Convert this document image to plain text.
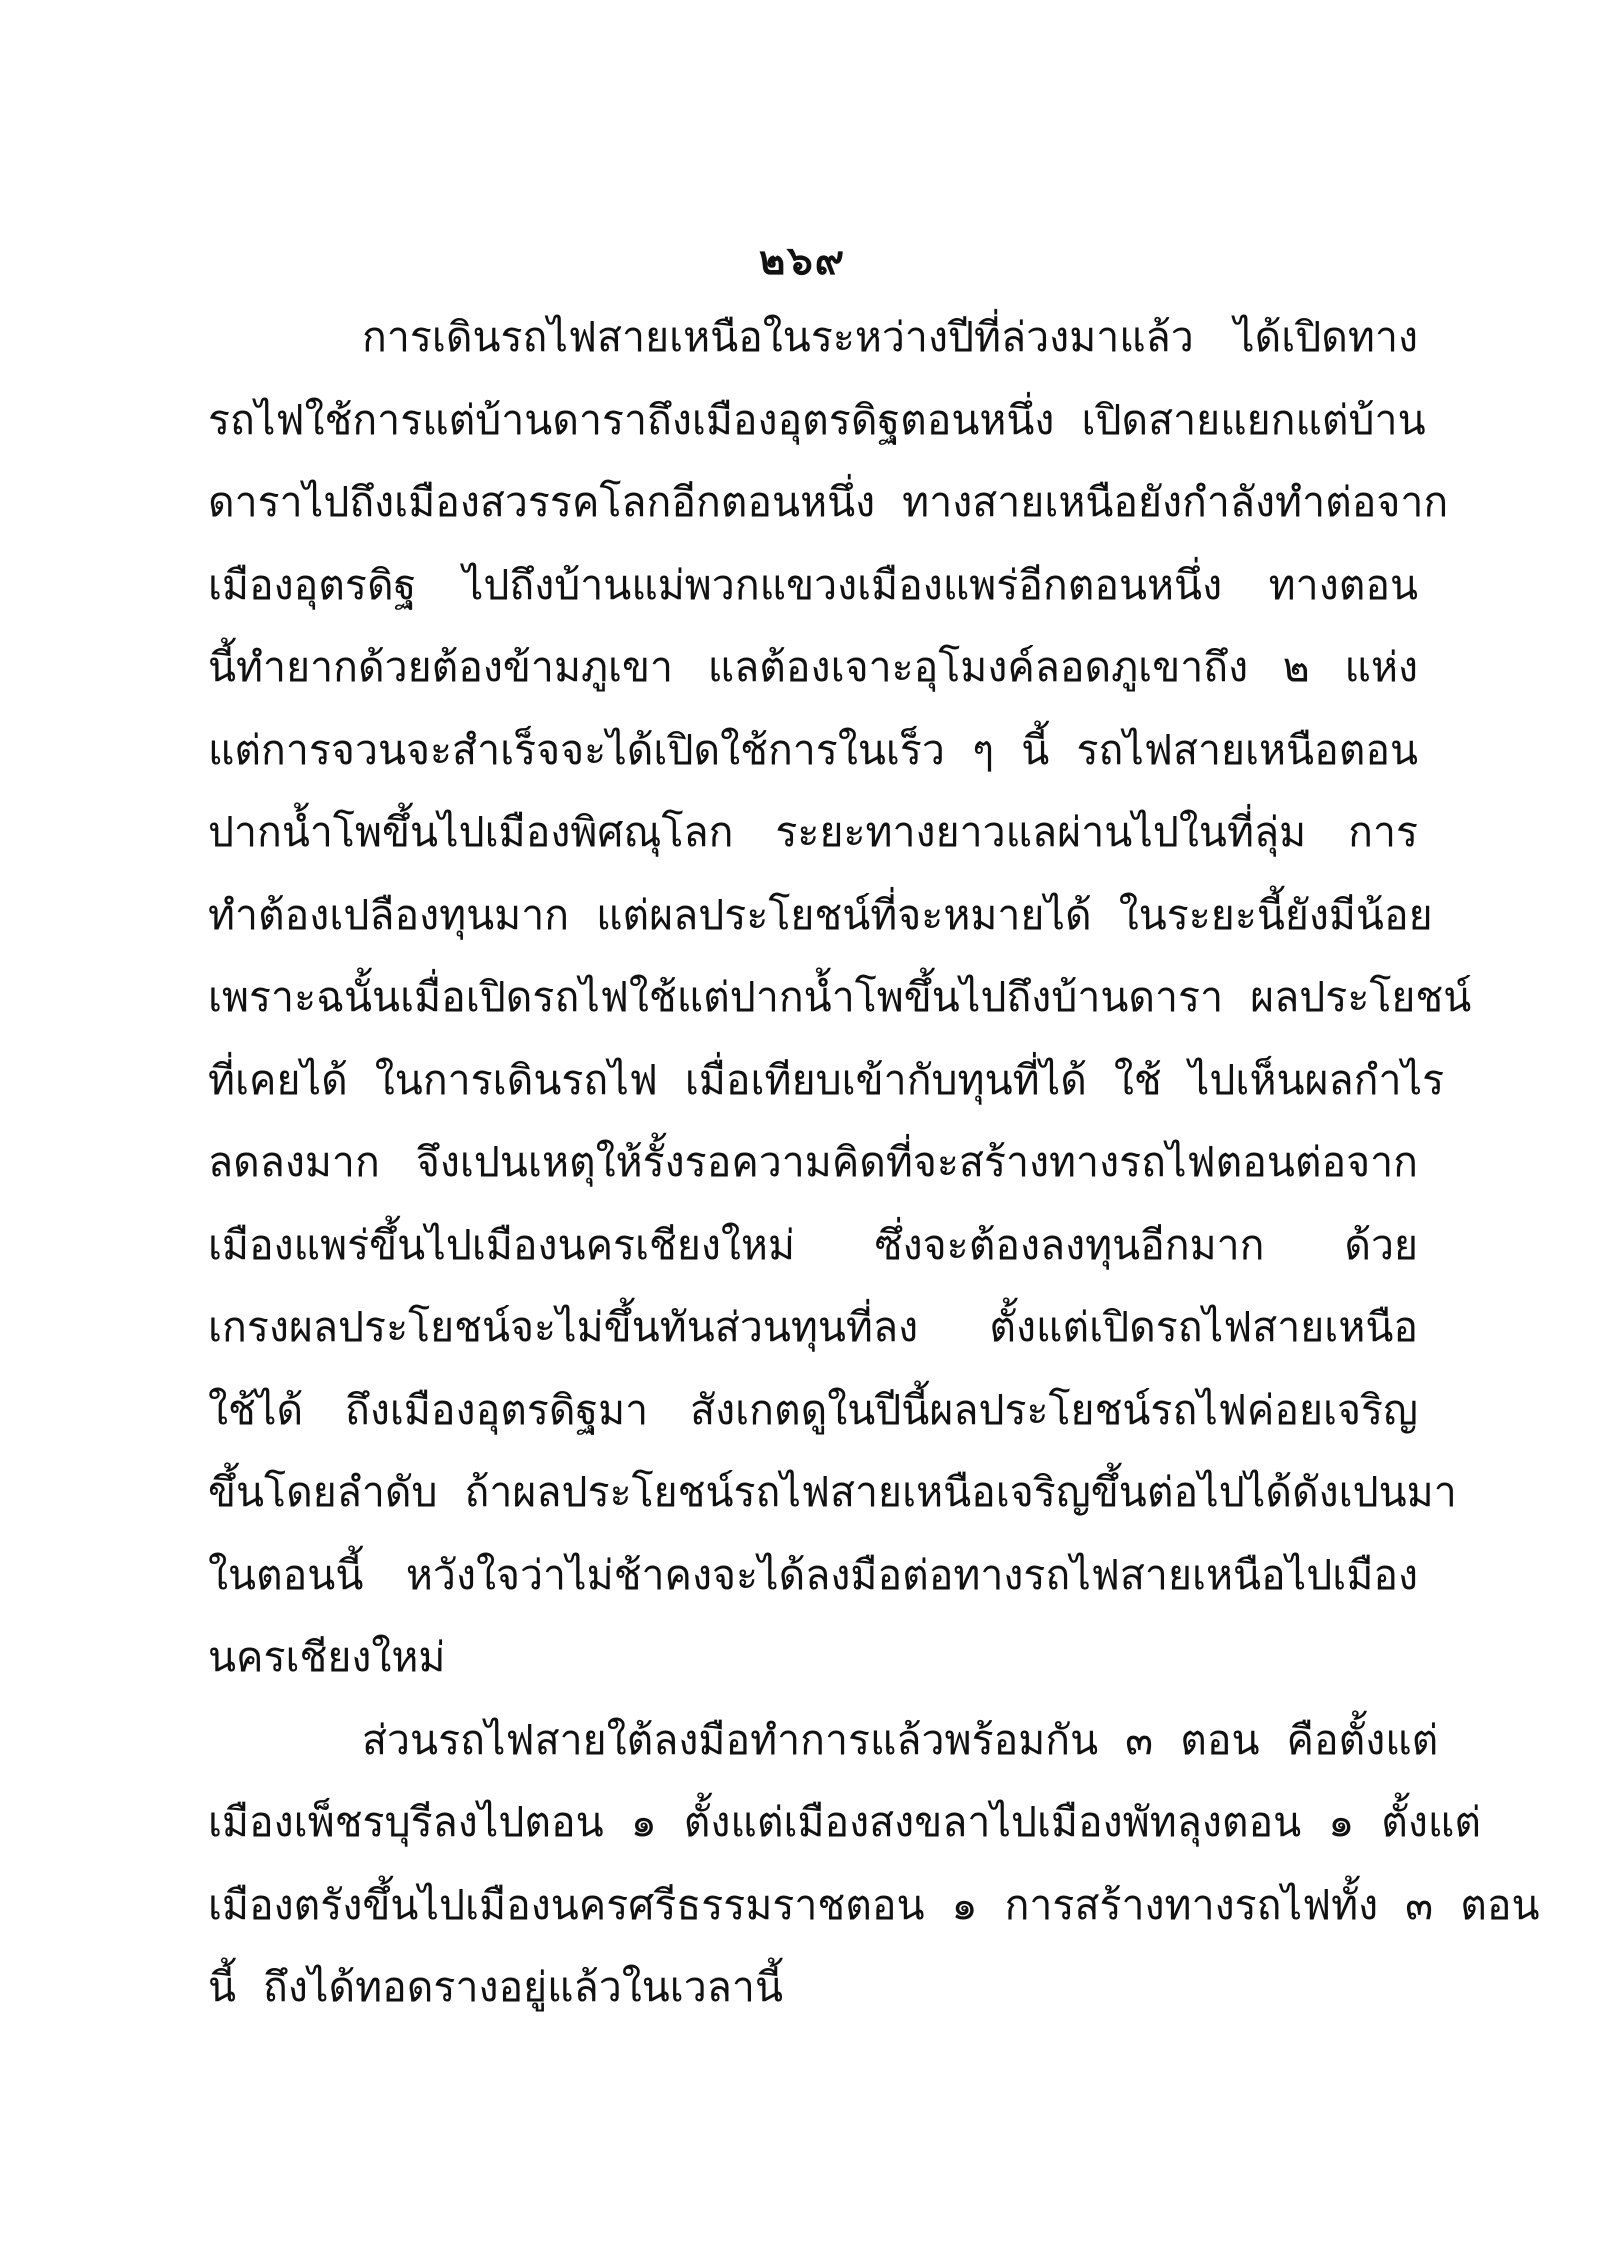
๒๖๙
การเดินรถไฟสายเหนือในระหว่างปีที่ล่วงมาแล้ว ได้เปิดทาง
รถไฟใช้การแต่บ้านดาราถึงเมืองอุตรดิฐตอนหนึ่ง เปิดสายแยกแต่บ้าน
ดาราไปถึงเมืองสวรรคโลกอีกตอนหนึ่ง ทางสายเหนือยังกำลังทำต่อจาก
เมืองอุตรดิฐ ไปถึงบ้านแม่พวกแขวงเมืองแพร่อีกตอนหนึ่ง ทางตอน
นี้ทำยากด้วยต้องข้ามภูเขา แลต้องเจาะอุโมงค์ลอดภูเขาถึง ๒ แห่ง
แต่การจวนจะสำเร็จจะได้เปิดใช้การในเร็ว ๆ นี้ รถไฟสายเหนือตอน
ปากน้ำโพขึ้นไปเมืองพิศณุโลก ระยะทางยาวแลผ่านไปในที่ลุ่ม การ
ทำต้องเปลืองทุนมาก แต่ผลประโยชน์ที่จะหมายได้ ในระยะนี้ยังมีน้อย
เพราะฉนั้นเมื่อเปิดรถไฟใช้แต่ปากน้ำโพขึ้นไปถึงบ้านดารา ผลประโยชน์
ที่เคยได้ ในการเดินรถไฟ เมื่อเทียบเข้ากับทุนที่ได้ ใช้ ไปเห็นผลกำไร
ลดลงมาก จึงเปนเหตุให้รั้งรอความคิดที่จะสร้างทางรถไฟตอนต่อจาก
เมืองแพร่ขึ้นไปเมืองนครเชียงใหม่ ซึ่งจะต้องลงทุนอีกมาก ด้วย
เกรงผลประโยชน์จะไม่ขึ้นทันส่วนทุนที่ลง ตั้งแต่เปิดรถไฟสายเหนือ
ใช้ได้ ถึงเมืองอุตรดิฐมา สังเกตดูในปีนี้ผลประโยชน์รถไฟค่อยเจริญ
ขึ้นโดยลำดับ ถ้าผลประโยชน์รถไฟสายเหนือเจริญขึ้นต่อไปได้ดังเปนมา
ในตอนนี้ หวังใจว่าไม่ช้าคงจะได้ลงมือต่อทางรถไฟสายเหนือไปเมือง
นครเชียงใหม่
ส่วนรถไฟสายใต้ลงมือทำการแล้วพร้อมกัน ๓ ตอน คือตั้งแต่
เมืองเพ็ชรบุรีลงไปตอน ๑ ตั้งแต่เมืองสงขลาไปเมืองพัทลุงตอน ๑ ตั้งแต่
เมืองตรังขึ้นไปเมืองนครศรีธรรมราชตอน ๑ การสร้างทางรถไฟทั้ง ๓ ตอน
นี้ ถึงได้ทอดรางอยู่แล้วในเวลานี้
